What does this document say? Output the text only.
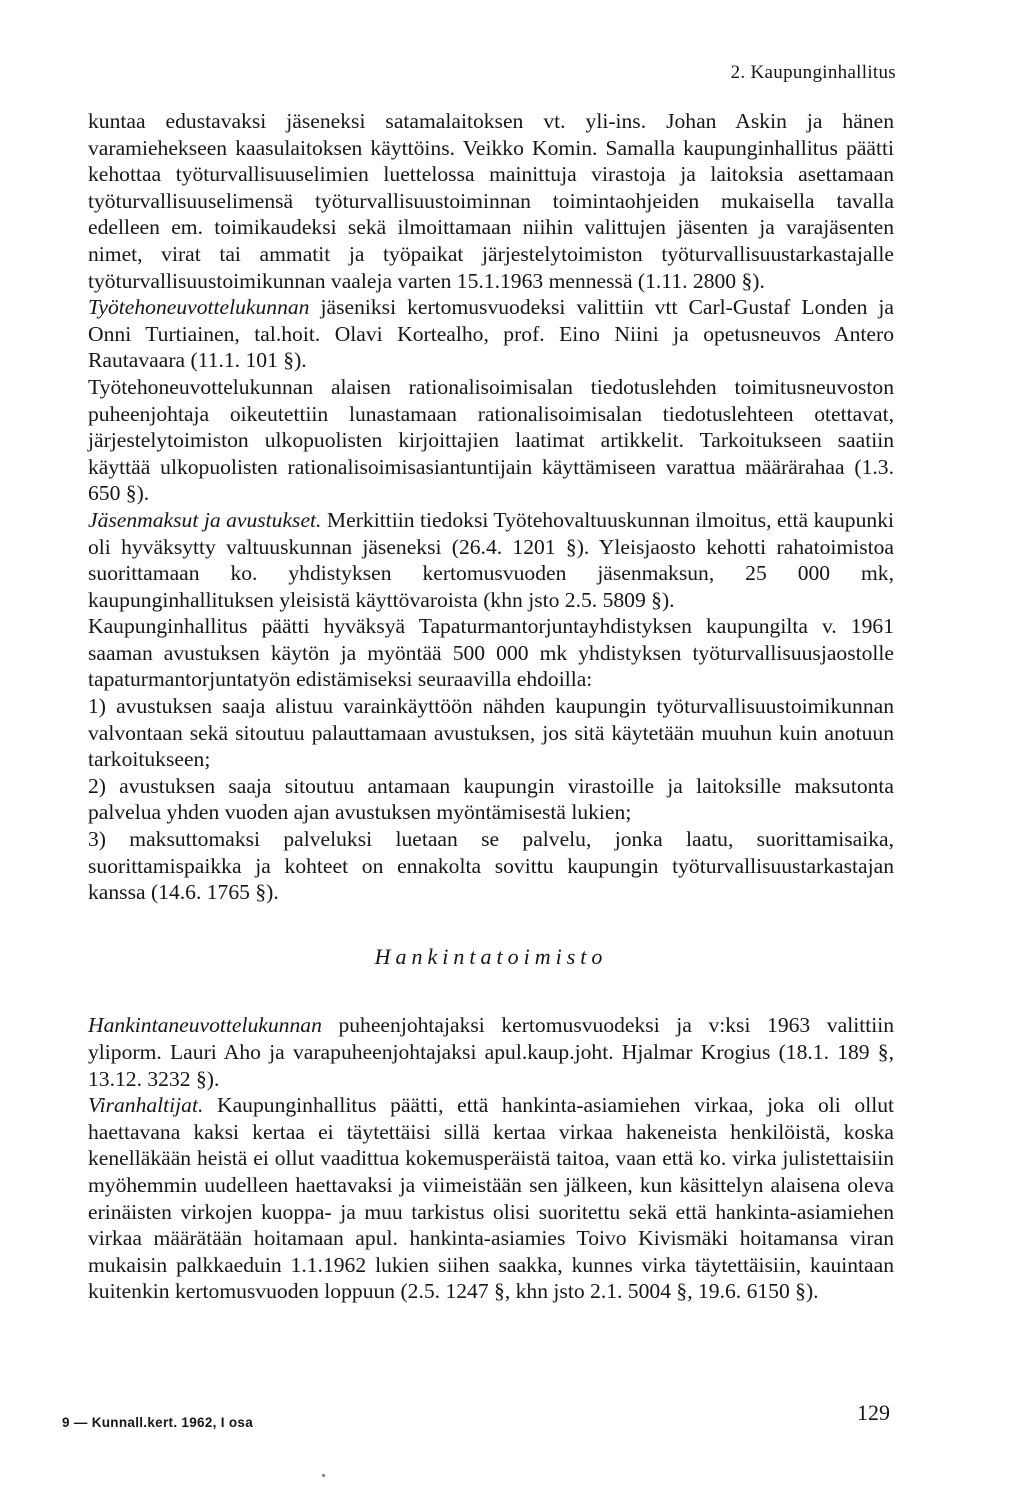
2. Kaupunginhallitus

kuntaa edustavaksi jäseneksi satamalaitoksen vt. yli-ins. Johan Askin ja hänen varamiehekseen kaasulaitoksen käyttöins. Veikko Komin. Samalla kaupunginhallitus päätti kehottaa työturvallisuuselimien luettelossa mainittuja virastoja ja laitoksia asettamaan työturvallisuuselimensä työturvallisuustoiminnan toimintaohjeiden mukaisella tavalla edelleen em. toimikaudeksi sekä ilmoittamaan niihin valittujen jäsenten ja varajäsenten nimet, virat tai ammatit ja työpaikat järjestelytoimiston työturvallisuustarkastajalle työturvallisuustoimikunnan vaaleja varten 15.1.1963 mennessä (1.11. 2800 §).

Työtehoneuvottelukunnan jäseniksi kertomusvuodeksi valittiin vtt Carl-Gustaf Londen ja Onni Turtiainen, tal.hoit. Olavi Kortealho, prof. Eino Niini ja opetusneuvos Antero Rautavaara (11.1. 101 §).

Työtehoneuvottelukunnan alaisen rationalisoimisalan tiedotuslehden toimitusneuvoston puheenjohtaja oikeutettiin lunastamaan rationalisoimisalan tiedotuslehteen otettavat, järjestelytoimiston ulkopuolisten kirjoittajien laatimat artikkelit. Tarkoitukseen saatiin käyttää ulkopuolisten rationalisoimisasiantuntijain käyttämiseen varattua määrärahaa (1.3. 650 §).

Jäsenmaksut ja avustukset. Merkittiin tiedoksi Työtehovaltuuskunnan ilmoitus, että kaupunki oli hyväksytty valtuuskunnan jäseneksi (26.4. 1201 §). Yleisjaosto kehotti rahatoimistoa suorittamaan ko. yhdistyksen kertomusvuoden jäsenmaksun, 25 000 mk, kaupunginhallituksen yleisistä käyttövaroista (khn jsto 2.5. 5809 §).

Kaupunginhallitus päätti hyväksyä Tapaturmantorjuntayhdistyksen kaupungilta v. 1961 saaman avustuksen käytön ja myöntää 500 000 mk yhdistyksen työturvallisuusjaostolle tapaturmantorjuntatyön edistämiseksi seuraavilla ehdoilla:

1) avustuksen saaja alistuu varainkäyttöön nähden kaupungin työturvallisuustoimikunnan valvontaan sekä sitoutuu palauttamaan avustuksen, jos sitä käytetään muuhun kuin anotuun tarkoitukseen;

2) avustuksen saaja sitoutuu antamaan kaupungin virastoille ja laitoksille maksutonta palvelua yhden vuoden ajan avustuksen myöntämisestä lukien;

3) maksuttomaksi palveluksi luetaan se palvelu, jonka laatu, suorittamisaika, suorittamispaikka ja kohteet on ennakolta sovittu kaupungin työturvallisuustarkastajan kanssa (14.6. 1765 §).

Hankintatoimisto

Hankintaneuvottelukunnan puheenjohtajaksi kertomusvuodeksi ja v:ksi 1963 valittiin yliporm. Lauri Aho ja varapuheenjohtajaksi apul.kaup.joht. Hjalmar Krogius (18.1. 189 §, 13.12. 3232 §).

Viranhaltijat. Kaupunginhallitus päätti, että hankinta-asiamiehen virkaa, joka oli ollut haettavana kaksi kertaa ei täytettäisi sillä kertaa virkaa hakeneista henkilöistä, koska kenelläkään heistä ei ollut vaadittua kokemusperäistä taitoa, vaan että ko. virka julistettaisiin myöhemmin uudelleen haettavaksi ja viimeistään sen jälkeen, kun käsittelyn alaisena oleva erinäisten virkojen kuoppa- ja muu tarkistus olisi suoritettu sekä että hankinta-asiamiehen virkaa määrätään hoitamaan apul. hankinta-asiamies Toivo Kivismäki hoitamansa viran mukaisin palkkaeduin 1.1.1962 lukien siihen saakka, kunnes virka täytettäisiin, kauintaan kuitenkin kertomusvuoden loppuun (2.5. 1247 §, khn jsto 2.1. 5004 §, 19.6. 6150 §).

9 — Kunnall.kert. 1962, I osa	129
